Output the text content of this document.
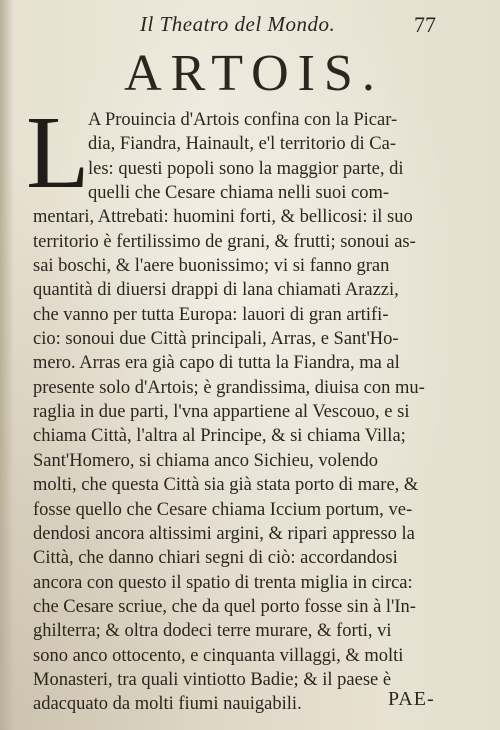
Il Theatro del Mondo.	77
ARTOIS.
L
A Prouincia d'Artois confina con la Picar-
dia, Fiandra, Hainault, e'l territorio di Ca-
les: questi popoli sono la maggior parte, di
quelli che Cesare chiama nelli suoi com-
mentari, Attrebati: huomini forti, & bellicosi: il suo
territorio è fertilissimo de grani, & frutti; sonoui as-
sai boschi, & l'aere buonissimo; vi si fanno gran
quantità di diuersi drappi di lana chiamati Arazzi,
che vanno per tutta Europa: lauori di gran artifi-
cio: sonoui due Città principali, Arras, e Sant'Ho-
mero. Arras era già capo di tutta la Fiandra, ma al
presente solo d'Artois; è grandissima, diuisa con mu-
raglia in due parti, l'vna appartiene al Vescouo, e si
chiama Città, l'altra al Principe, & si chiama Villa;
Sant'Homero, si chiama anco Sichieu, volendo
molti, che questa Città sia già stata porto di mare, &
fosse quello che Cesare chiama Iccium portum, ve-
dendosi ancora altissimi argini, & ripari appresso la
Città, che danno chiari segni di ciò: accordandosi
ancora con questo il spatio di trenta miglia in circa:
che Cesare scriue, che da quel porto fosse sin à l'In-
ghilterra; & oltra dodeci terre murare, & forti, vi
sono anco ottocento, e cinquanta villaggi, & molti
Monasteri, tra quali vintiotto Badie; & il paese è
adacquato da molti fiumi nauigabili.	PAE-
